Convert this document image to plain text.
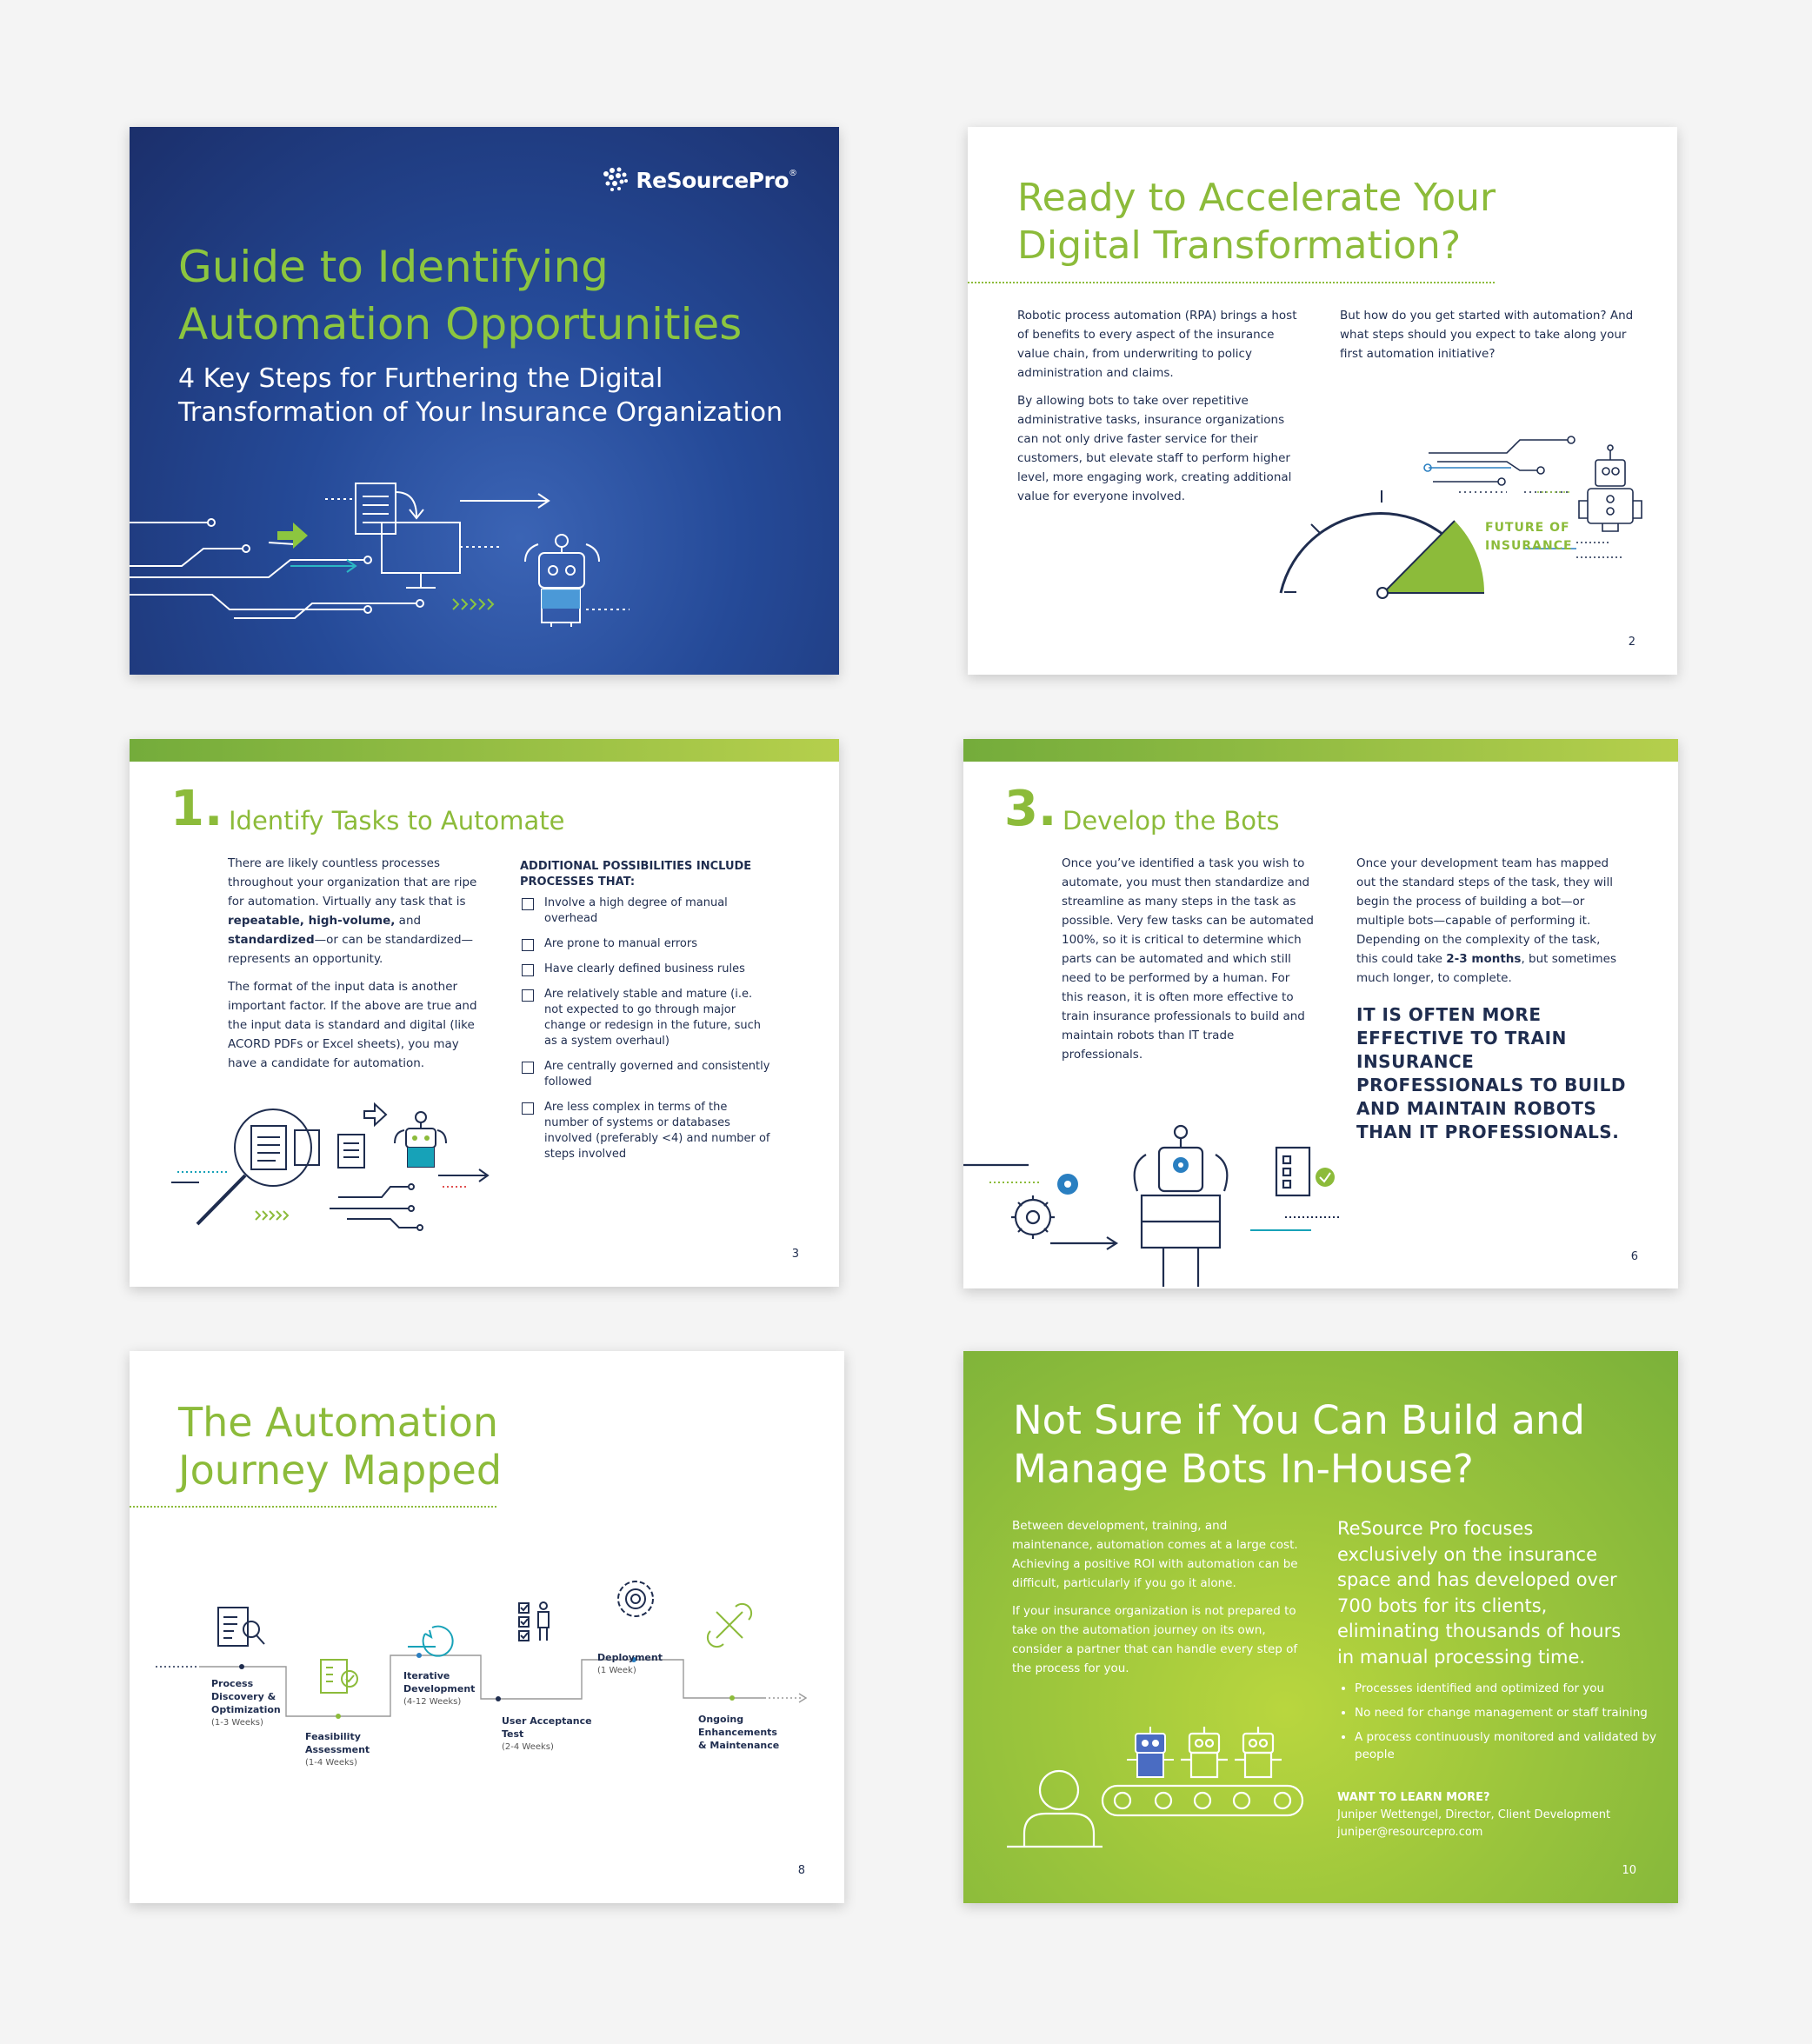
ReSourcePro ®
Guide to Identifying
Automation Opportunities
4 Key Steps for Furthering the Digital
Transformation of Your Insurance Organization
Ready to Accelerate Your
Digital Transformation?

Robotic process automation (RPA) brings a host of benefits to every aspect of the insurance value chain, from underwriting to policy administration and claims.

By allowing bots to take over repetitive administrative tasks, insurance organizations can not only drive faster service for their customers, but elevate staff to perform higher level, more engaging work, creating additional value for everyone involved.

But how do you get started with automation? And what steps should you expect to take along your first automation initiative?

FUTURE OF
INSURANCE
2
1. Identify Tasks to Automate

There are likely countless processes throughout your organization that are ripe for automation. Virtually any task that is repeatable, high-volume, and standardized—or can be standardized—represents an opportunity.

The format of the input data is another important factor. If the above are true and the input data is standard and digital (like ACORD PDFs or Excel sheets), you may have a candidate for automation.

ADDITIONAL POSSIBILITIES INCLUDE
PROCESSES THAT:
Involve a high degree of manual overhead
Are prone to manual errors
Have clearly defined business rules
Are relatively stable and mature (i.e. not expected to go through major change or redesign in the future, such as a system overhaul)
Are centrally governed and consistently followed
Are less complex in terms of the number of systems or databases involved (preferably <4) and number of steps involved
3
3. Develop the Bots

Once you’ve identified a task you wish to automate, you must then standardize and streamline as many steps in the task as possible. Very few tasks can be automated 100%, so it is critical to determine which parts can be automated and which still need to be performed by a human. For this reason, it is often more effective to train insurance professionals to build and maintain robots than IT trade professionals.

Once your development team has mapped out the standard steps of the task, they will begin the process of building a bot—or multiple bots—capable of performing it. Depending on the complexity of the task, this could take 2-3 months, but sometimes much longer, to complete.

IT IS OFTEN MORE EFFECTIVE TO TRAIN INSURANCE PROFESSIONALS TO BUILD AND MAINTAIN ROBOTS THAN IT PROFESSIONALS.
6
The Automation
Journey Mapped
Process
Discovery &
Optimization
(1-3 Weeks)
Feasibility
Assessment
(1-4 Weeks)
Iterative
Development
(4-12 Weeks)
User Acceptance
Test
(2-4 Weeks)
Deployment
(1 Week)
Ongoing
Enhancements
& Maintenance
8
Not Sure if You Can Build and
Manage Bots In-House?

Between development, training, and maintenance, automation comes at a large cost. Achieving a positive ROI with automation can be difficult, particularly if you go it alone.

If your insurance organization is not prepared to take on the automation journey on its own, consider a partner that can handle every step of the process for you.

ReSource Pro focuses exclusively on the insurance space and has developed over 700 bots for its clients, eliminating thousands of hours in manual processing time.
• Processes identified and optimized for you
• No need for change management or staff training
• A process continuously monitored and validated by people
WANT TO LEARN MORE?
Juniper Wettengel, Director, Client Development
juniper@resourcepro.com
10
